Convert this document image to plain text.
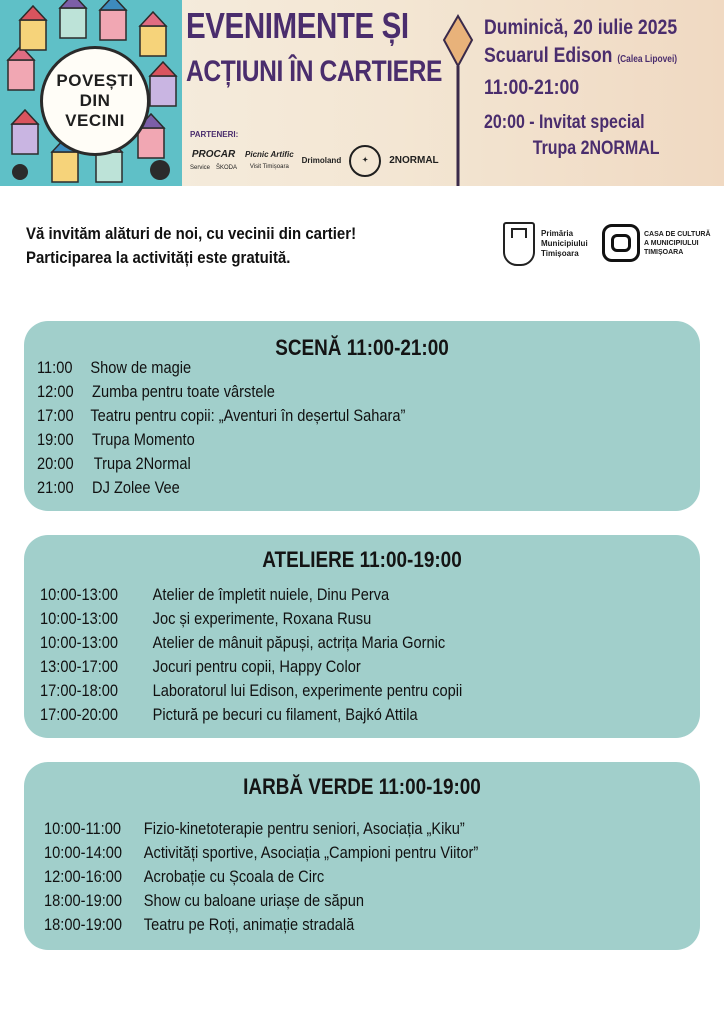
POVEȘTI
DIN
VECINI
EVENIMENTE ȘI
ACȚIUNI ÎN CARTIERE
PARTENERI:
PROCAR
Service ŠKODA
Picnic Artific
Visit Timișoara
Drimoland	✦	2NORMAL
Duminică, 20 iulie 2025
Scuarul Edison (Calea Lipovei)
11:00-21:00
20:00 - Invitat special
Trupa 2NORMAL
Vă invităm alături de noi, cu vecinii din cartier!
Participarea la activități este gratuită.
Primăria
Municipiului
Timișoara
CASA DE CULTURĂ
A MUNICIPIULUI
TIMIȘOARA
SCENĂ 11:00-21:00
11:00 Show de magie
12:00 Zumba pentru toate vârstele
17:00 Teatru pentru copii: „Aventuri în deșertul Sahara”
19:00 Trupa Momento
20:00 Trupa 2Normal
21:00 DJ Zolee Vee
ATELIERE 11:00-19:00
10:00-13:00 Atelier de împletit nuiele, Dinu Perva
10:00-13:00 Joc și experimente, Roxana Rusu
10:00-13:00 Atelier de mânuit păpuși, actrița Maria Gornic
13:00-17:00 Jocuri pentru copii, Happy Color
17:00-18:00 Laboratorul lui Edison, experimente pentru copii
17:00-20:00 Pictură pe becuri cu filament, Bajkó Attila
IARBĂ VERDE 11:00-19:00
10:00-11:00 Fizio-kinetoterapie pentru seniori, Asociația „Kiku”
10:00-14:00 Activități sportive, Asociația „Campioni pentru Viitor”
12:00-16:00 Acrobație cu Școala de Circ
18:00-19:00 Show cu baloane uriașe de săpun
18:00-19:00 Teatru pe Roți, animație stradală
